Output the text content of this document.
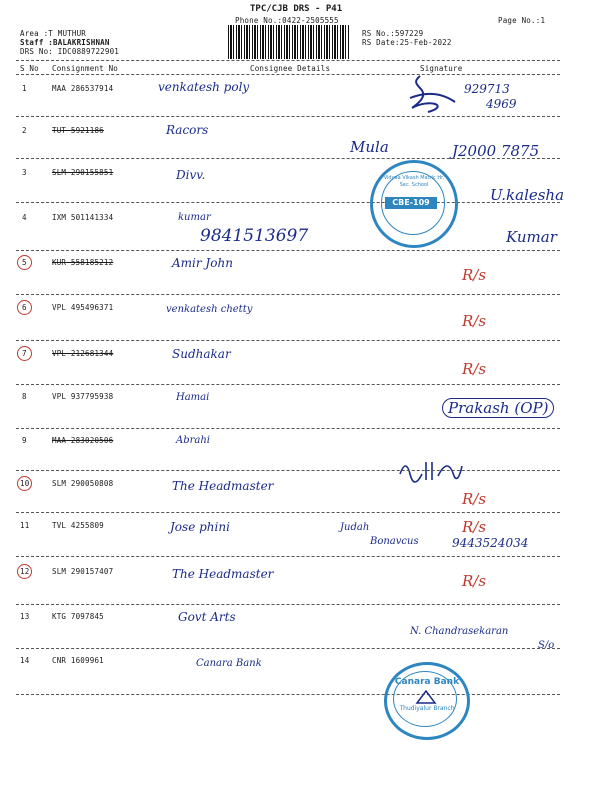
TPC/CJB DRS - P41
Phone No.:0422-2505555	Page No.:1
Area :T MUTHUR
Staff :BALAKRISHNAN
DRS No: IDC0889722901
RS No.:597229
RS Date:25-Feb-2022
S No Consignment No	Consignee Details	Signature
1	MAA 286537914	venkatesh poly	929713
4969
2	TUT 5921186	Racors
Mula	J2000 7875
3	SLM 290155851	Divv.
U.kalesha
4	IXM 501141334	kumar
9841513697	Kumar
Vidyaa Vikash Matric Hr. Sec. School
CBE-109
5	KUR 558185212	Amir John
R/s
6	VPL 495496371	venkatesh chetty
R/s
7	VPL 212681344	Sudhakar
R/s
8	VPL 937795938	Hamai
Prakash (OP)
9	MAA 283020506	Abrahi
10	SLM 290050808	The Headmaster
R/s
11	TVL 4255809	Jose phini	Judah
Bonavcus	9443524034
R/s
12	SLM 290157407	The Headmaster	R/s
13	KTG 7097845	Govt Arts
N. Chandrasekaran
S/o
14	CNR 1609961	Canara Bank
Canara Bank
Thudiyalur Branch
